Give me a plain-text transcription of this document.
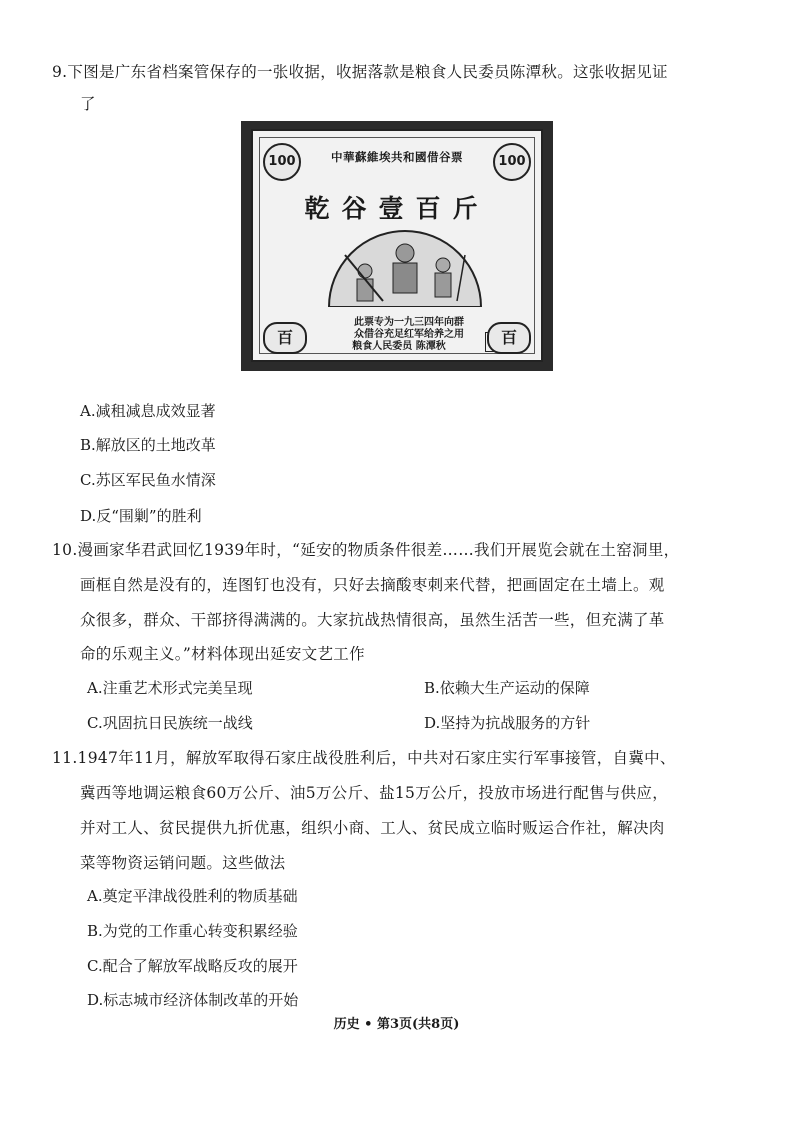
9.下图是广东省档案管保存的一张收据，收据落款是粮食人民委员陈潭秋。这张收据见证
了
100	100
中華蘇維埃共和國借谷票
乾谷壹百斤
此票专为一九三四年向群
众借谷充足红军给养之用
粮食人民委员 陈潭秋
百	百
A.减租减息成效显著
B.解放区的土地改革
C.苏区军民鱼水情深
D.反“围剿”的胜利
10.漫画家华君武回忆1939年时，“延安的物质条件很差……我们开展览会就在土窑洞里，
画框自然是没有的，连图钉也没有，只好去摘酸枣刺来代替，把画固定在土墙上。观
众很多，群众、干部挤得满满的。大家抗战热情很高，虽然生活苦一些，但充满了革
命的乐观主义。”材料体现出延安文艺工作
A.注重艺术形式完美呈现	B.依赖大生产运动的保障
C.巩固抗日民族统一战线	D.坚持为抗战服务的方针
11.1947年11月，解放军取得石家庄战役胜利后，中共对石家庄实行军事接管，自冀中、
冀西等地调运粮食60万公斤、油5万公斤、盐15万公斤，投放市场进行配售与供应，
并对工人、贫民提供九折优惠，组织小商、工人、贫民成立临时贩运合作社，解决肉
菜等物资运销问题。这些做法
A.奠定平津战役胜利的物质基础
B.为党的工作重心转变积累经验
C.配合了解放军战略反攻的展开
D.标志城市经济体制改革的开始
历史 • 第3页(共8页)
